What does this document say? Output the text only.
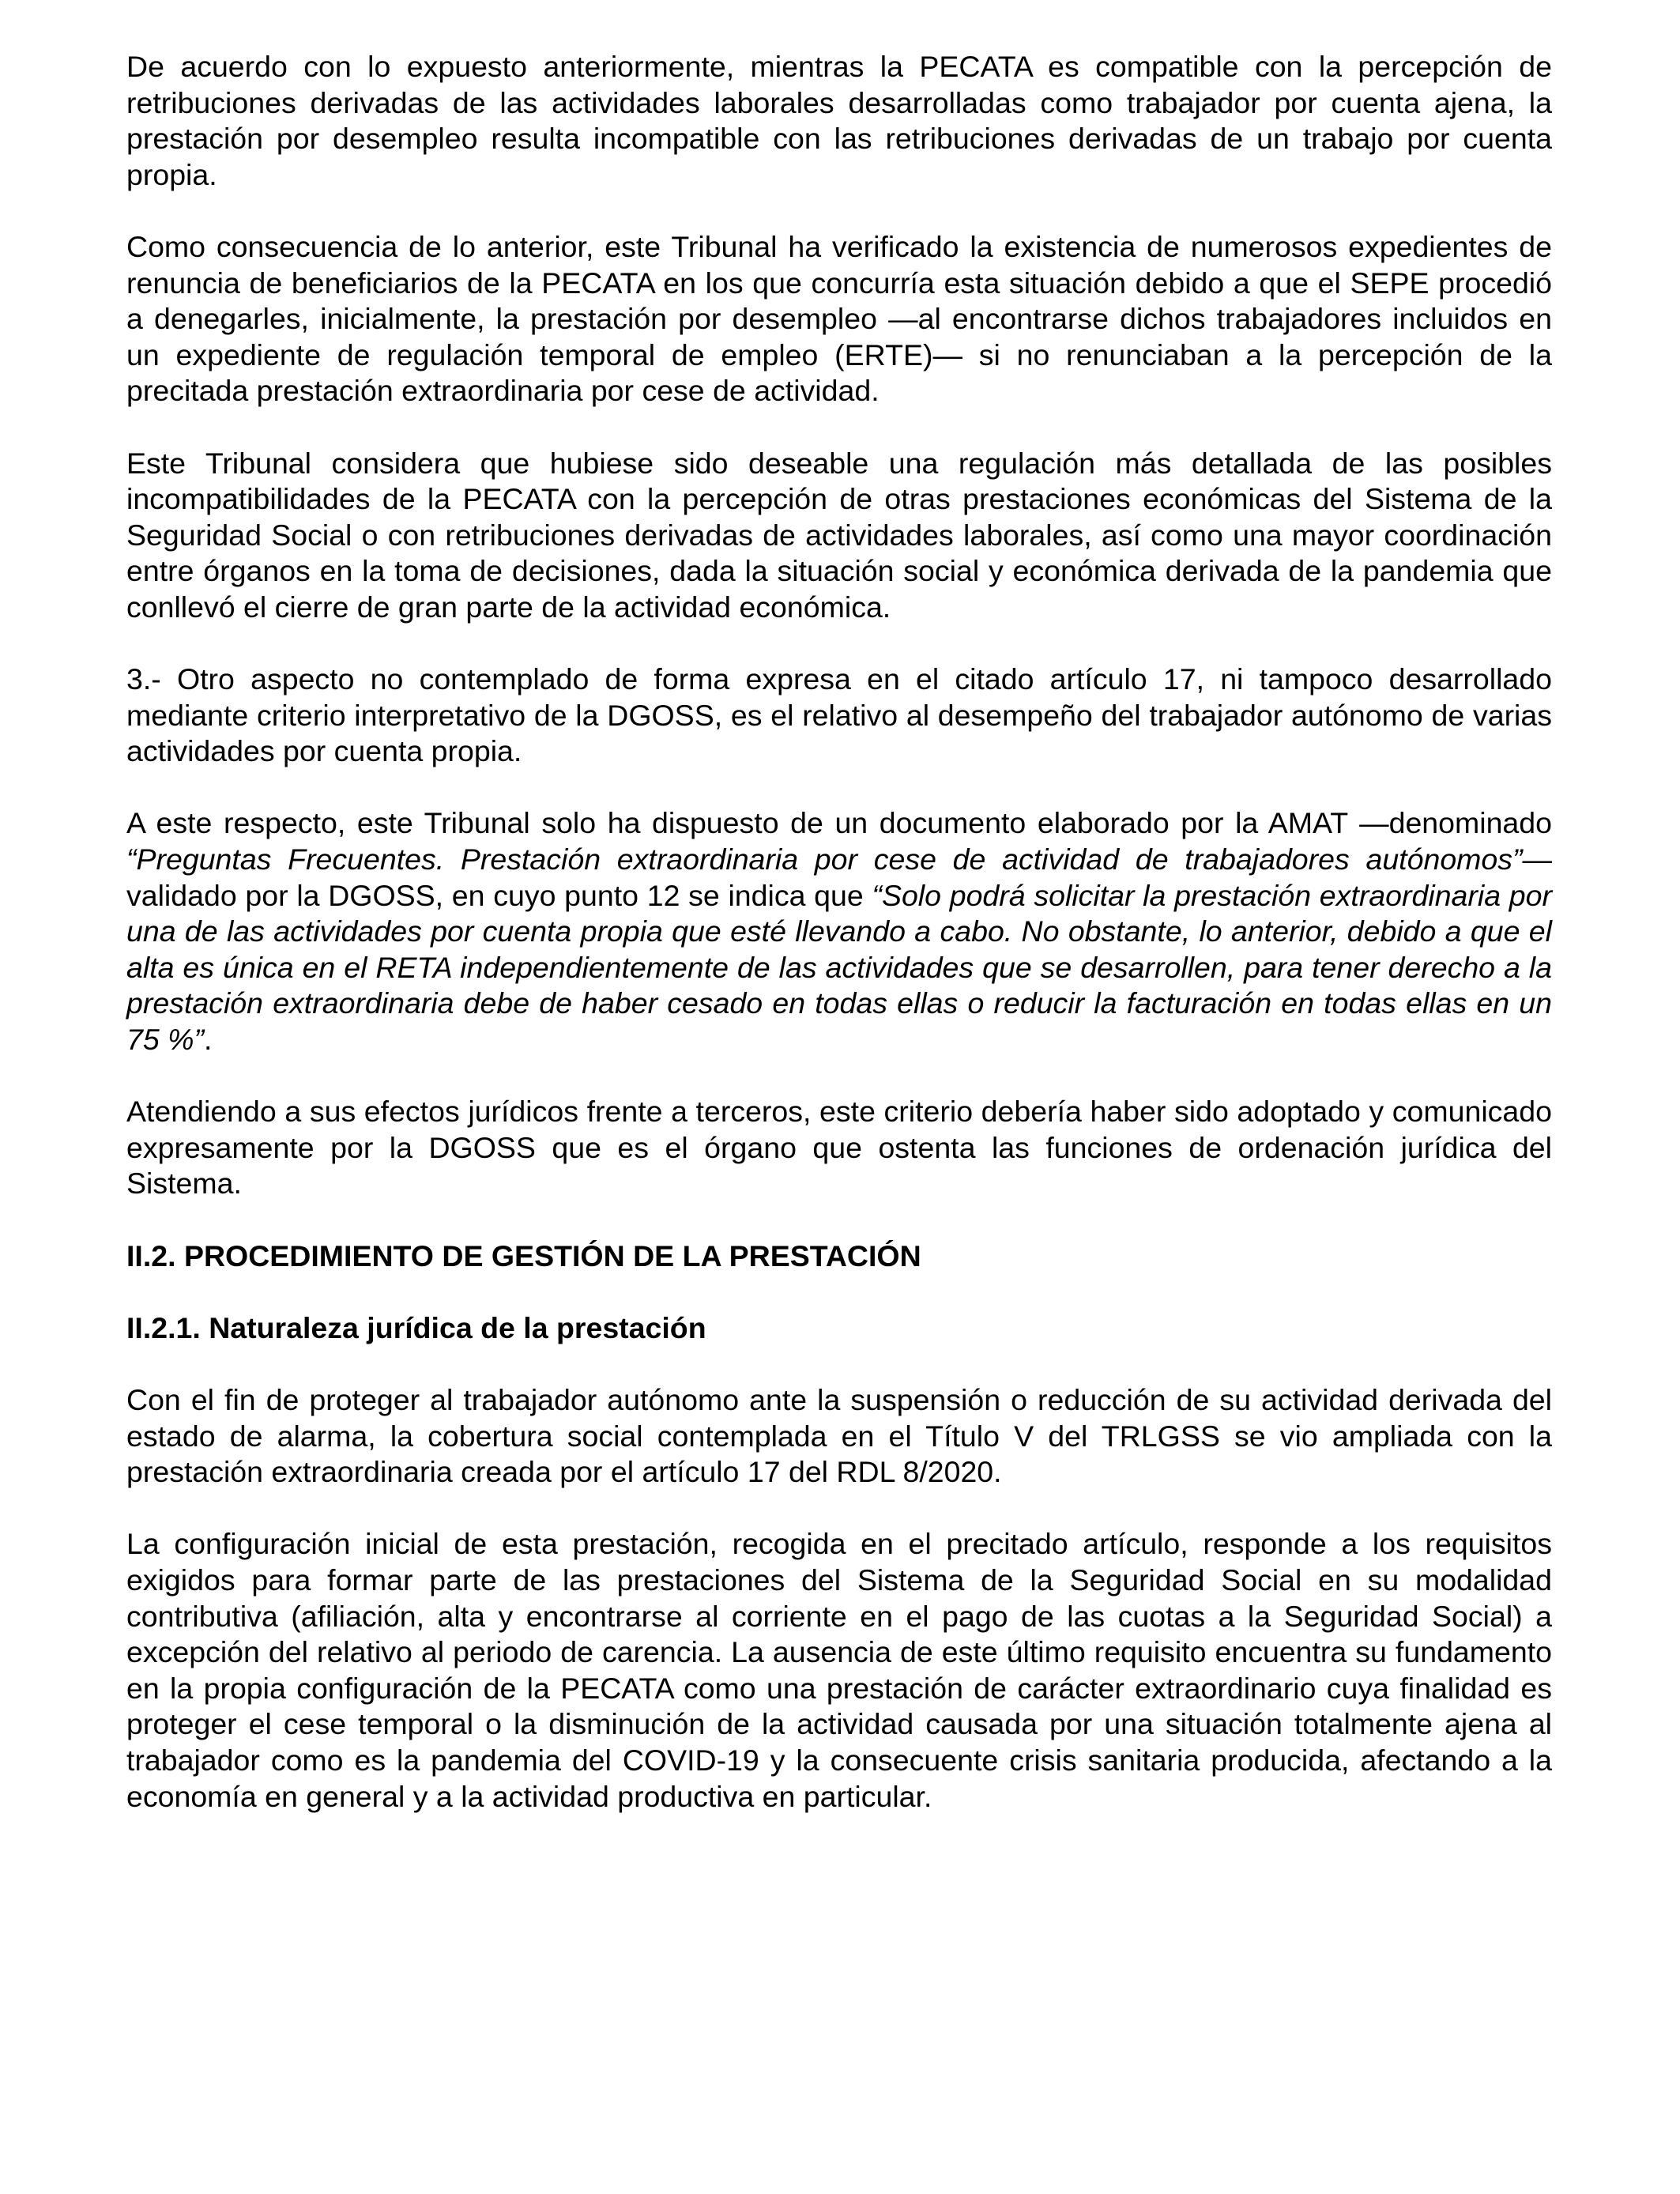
De acuerdo con lo expuesto anteriormente, mientras la PECATA es compatible con la percepción de retribuciones derivadas de las actividades laborales desarrolladas como trabajador por cuenta ajena, la prestación por desempleo resulta incompatible con las retribuciones derivadas de un trabajo por cuenta propia.

Como consecuencia de lo anterior, este Tribunal ha verificado la existencia de numerosos expedientes de renuncia de beneficiarios de la PECATA en los que concurría esta situación debido a que el SEPE procedió a denegarles, inicialmente, la prestación por desempleo —al encontrarse dichos trabajadores incluidos en un expediente de regulación temporal de empleo (ERTE)— si no renunciaban a la percepción de la precitada prestación extraordinaria por cese de actividad.

Este Tribunal considera que hubiese sido deseable una regulación más detallada de las posibles incompatibilidades de la PECATA con la percepción de otras prestaciones económicas del Sistema de la Seguridad Social o con retribuciones derivadas de actividades laborales, así como una mayor coordinación entre órganos en la toma de decisiones, dada la situación social y económica derivada de la pandemia que conllevó el cierre de gran parte de la actividad económica.

3.- Otro aspecto no contemplado de forma expresa en el citado artículo 17, ni tampoco desarrollado mediante criterio interpretativo de la DGOSS, es el relativo al desempeño del trabajador autónomo de varias actividades por cuenta propia.

A este respecto, este Tribunal solo ha dispuesto de un documento elaborado por la AMAT —denominado “Preguntas Frecuentes. Prestación extraordinaria por cese de actividad de trabajadores autónomos”— validado por la DGOSS, en cuyo punto 12 se indica que “Solo podrá solicitar la prestación extraordinaria por una de las actividades por cuenta propia que esté llevando a cabo. No obstante, lo anterior, debido a que el alta es única en el RETA independientemente de las actividades que se desarrollen, para tener derecho a la prestación extraordinaria debe de haber cesado en todas ellas o reducir la facturación en todas ellas en un 75 %”.

Atendiendo a sus efectos jurídicos frente a terceros, este criterio debería haber sido adoptado y comunicado expresamente por la DGOSS que es el órgano que ostenta las funciones de ordenación jurídica del Sistema.

II.2. PROCEDIMIENTO DE GESTIÓN DE LA PRESTACIÓN

II.2.1. Naturaleza jurídica de la prestación

Con el fin de proteger al trabajador autónomo ante la suspensión o reducción de su actividad derivada del estado de alarma, la cobertura social contemplada en el Título V del TRLGSS se vio ampliada con la prestación extraordinaria creada por el artículo 17 del RDL 8/2020.

La configuración inicial de esta prestación, recogida en el precitado artículo, responde a los requisitos exigidos para formar parte de las prestaciones del Sistema de la Seguridad Social en su modalidad contributiva (afiliación, alta y encontrarse al corriente en el pago de las cuotas a la Seguridad Social) a excepción del relativo al periodo de carencia. La ausencia de este último requisito encuentra su fundamento en la propia configuración de la PECATA como una prestación de carácter extraordinario cuya finalidad es proteger el cese temporal o la disminución de la actividad causada por una situación totalmente ajena al trabajador como es la pandemia del COVID-19 y la consecuente crisis sanitaria producida, afectando a la economía en general y a la actividad productiva en particular.
